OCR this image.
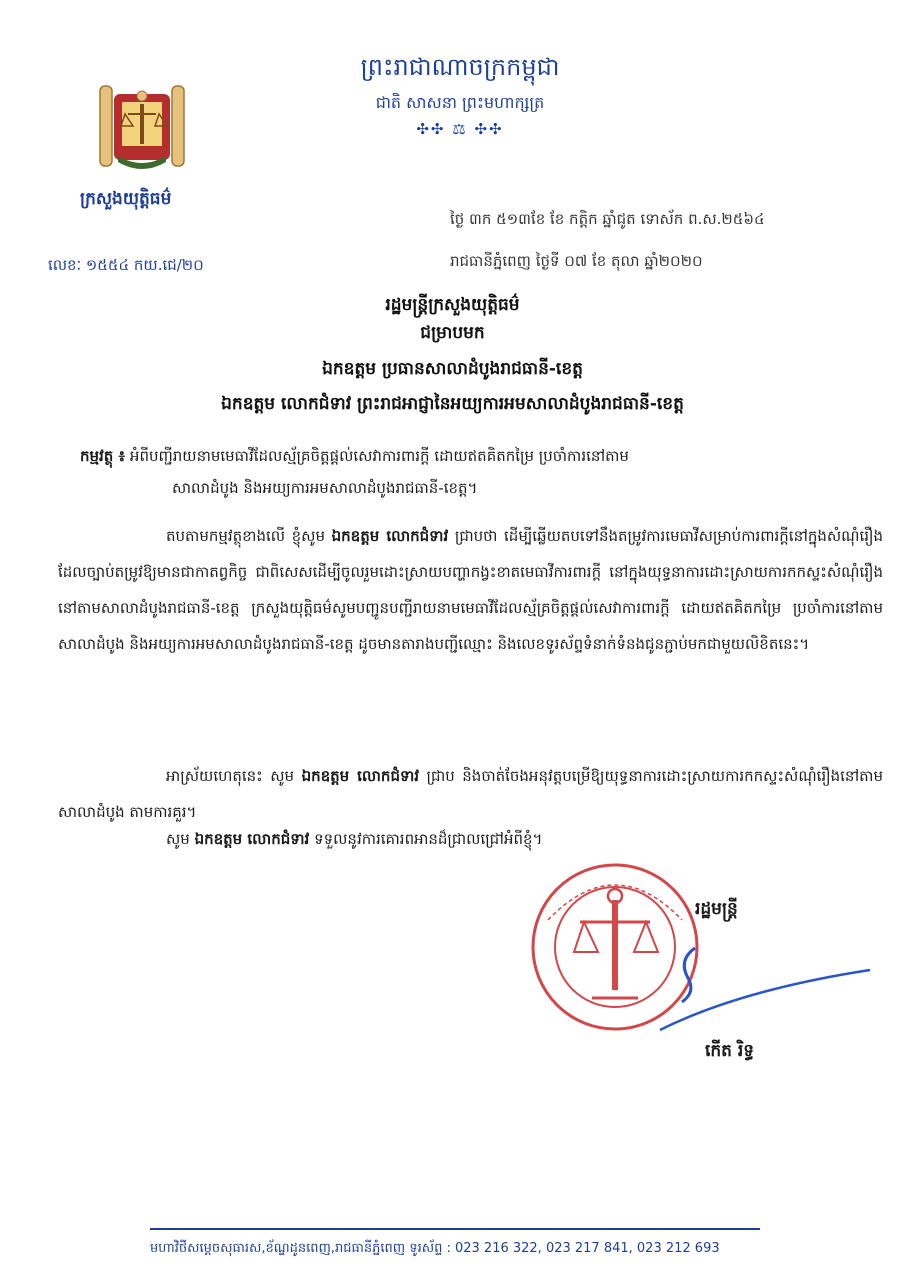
ក្រសួងយុត្តិធម៌
ព្រះរាជាណាចក្រកម្ពុជា
ជាតិ សាសនា ព្រះមហាក្សត្រ
✣✣ ⚖ ✣✣
ថ្ងៃ ៣ក ៥១៣ខែ ខែ ​កត្តិក ឆ្នាំជូត ទោស័ក ព.ស.២៥៦៤
លេខៈ ១៥៥៤ កយ.ជេ/២០	រាជធានីភ្នំពេញ ថ្ងៃទី ០៧ ខែ តុលា ឆ្នាំ២០២០
រដ្ឋមន្ត្រីក្រសួងយុត្តិធម៌
ជម្រាបមក
ឯកឧត្តម ប្រធានសាលាដំបូងរាជធានី-ខេត្ត
ឯកឧត្តម លោកជំទាវ ព្រះរាជអាជ្ញានៃអយ្យការអមសាលាដំបូងរាជធានី-ខេត្ត
កម្មវត្ថុ ៖ អំពីបញ្ជីរាយនាមមេធាវីដែលស្ម័គ្រចិត្តផ្តល់សេវាការពារក្តី ដោយឥតគិតកម្រៃ ប្រចាំការនៅតាម
សាលាដំបូង និងអយ្យការអមសាលាដំបូងរាជធានី-ខេត្ត។
តបតាមកម្មវត្ថុខាងលើ ខ្ញុំសូម ឯកឧត្តម លោកជំទាវ ជ្រាបថា ដើម្បីឆ្លើយតបទៅនឹងតម្រូវការមេធាវីសម្រាប់ការពារក្តីនៅក្នុងសំណុំរឿងដែលច្បាប់តម្រូវឱ្យមានជាកាតព្វកិច្ច ជាពិសេសដើម្បីចូលរួមដោះស្រាយបញ្ហាកង្វះខាតមេធាវីការពារក្តី នៅក្នុងយុទ្ធនាការដោះស្រាយការកកស្ទះសំណុំរឿងនៅតាមសាលាដំបូងរាជធានី-ខេត្ត ក្រសួងយុត្តិធម៌សូមបញ្ជូនបញ្ជីរាយនាមមេធាវីដែលស្ម័គ្រចិត្តផ្តល់សេវាការពារក្តី ដោយឥតគិតកម្រៃ ប្រចាំការនៅតាមសាលាដំបូង និងអយ្យការអមសាលាដំបូងរាជធានី-ខេត្ត ដូចមានតារាងបញ្ជីឈ្មោះ និងលេខទូរស័ព្ទទំនាក់ទំនងជូនភ្ជាប់មកជាមួយលិខិតនេះ។
អាស្រ័យហេតុនេះ សូម ឯកឧត្តម លោកជំទាវ ជ្រាប និងចាត់ចែងអនុវត្តបម្រើឱ្យយុទ្ធនាការដោះស្រាយការកកស្ទះសំណុំរឿងនៅតាមសាលាដំបូង តាមការគួរ។
សូម ឯកឧត្តម លោកជំទាវ ទទួលនូវការគោរពអានដ៏ជ្រាលជ្រៅអំពីខ្ញុំ។
រដ្ឋមន្ត្រី
កើត រិទ្ធ
មហាវិថីសម្តេចសុធារស,ខ័ណ្ឌដូនពេញ,រាជធានីភ្នំពេញ ទូរស័ព្ទ : 023 216 322, 023 217 841, 023 212 693
